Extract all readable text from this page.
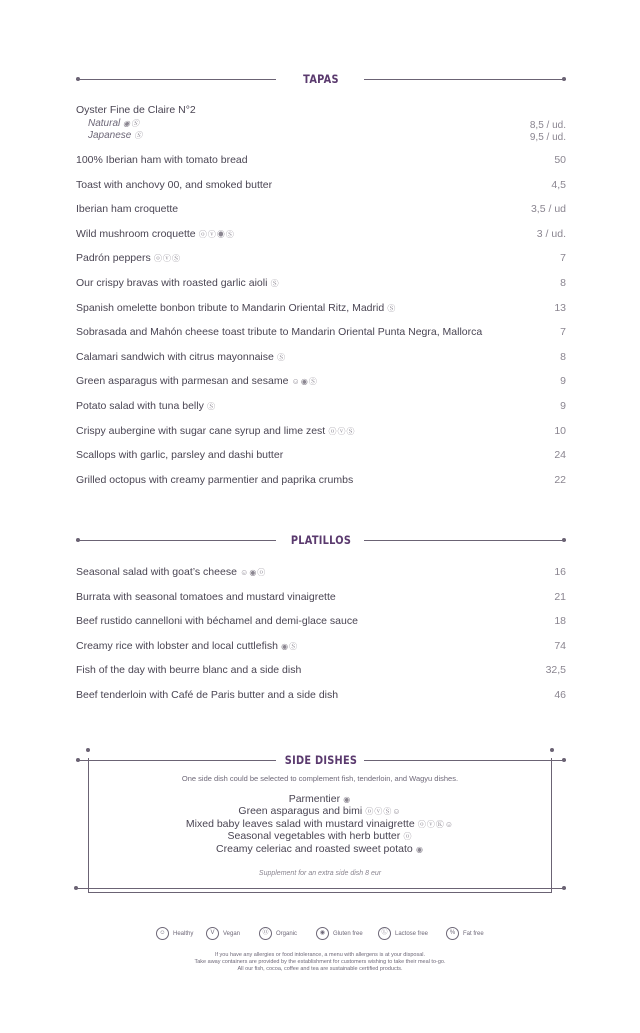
TAPAS
Oyster Fine de Claire N°2
Natural ◉Ⓢ	8,5 / ud.
Japanese Ⓢ	9,5 / ud.
100% Iberian ham with tomato bread	50
Toast with anchovy 00, and smoked butter	4,5
Iberian ham croquette	3,5 / ud
Wild mushroom croquette ⓞⓥ◉Ⓢ	3 / ud.
Padrón peppers ⓞⓥⓈ	7
Our crispy bravas with roasted garlic aioli Ⓢ	8
Spanish omelette bonbon tribute to Mandarin Oriental Ritz, Madrid Ⓢ	13
Sobrasada and Mahón cheese toast tribute to Mandarin Oriental Punta Negra, Mallorca	7
Calamari sandwich with citrus mayonnaise Ⓢ	8
Green asparagus with parmesan and sesame ☺◉Ⓢ	9
Potato salad with tuna belly Ⓢ	9
Crispy aubergine with sugar cane syrup and lime zest ⓞⓥⓈ	10
Scallops with garlic, parsley and dashi butter	24
Grilled octopus with creamy parmentier and paprika crumbs	22
PLATILLOS
Seasonal salad with goat’s cheese ☺◉ⓞ	16
Burrata with seasonal tomatoes and mustard vinaigrette	21
Beef rustido cannelloni with béchamel and demi-glace sauce	18
Creamy rice with lobster and local cuttlefish ◉Ⓢ	74
Fish of the day with beurre blanc and a side dish	32,5
Beef tenderloin with Café de Paris butter and a side dish	46
SIDE DISHES
One side dish could be selected to complement fish, tenderloin, and Wagyu dishes.
Parmentier ◉
Green asparagus and bimi ⓞⓥⓈ☺
Mixed baby leaves salad with mustard vinaigrette ⓞⓥⓀ☺
Seasonal vegetables with herb butter ⓞ
Creamy celeriac and roasted sweet potato ◉
Supplement for an extra side dish 8 eur
☺ Healthy	V Vegan	Ⓞ Organic	◉ Gluten free	Ⓛ Lactose free	% Fat free
If you have any allergies or food intolerance, a menu with allergens is at your disposal.
Take away containers are provided by the establishment for customers wishing to take their meal to-go.
All our fish, cocoa, coffee and tea are sustainable certified products.
